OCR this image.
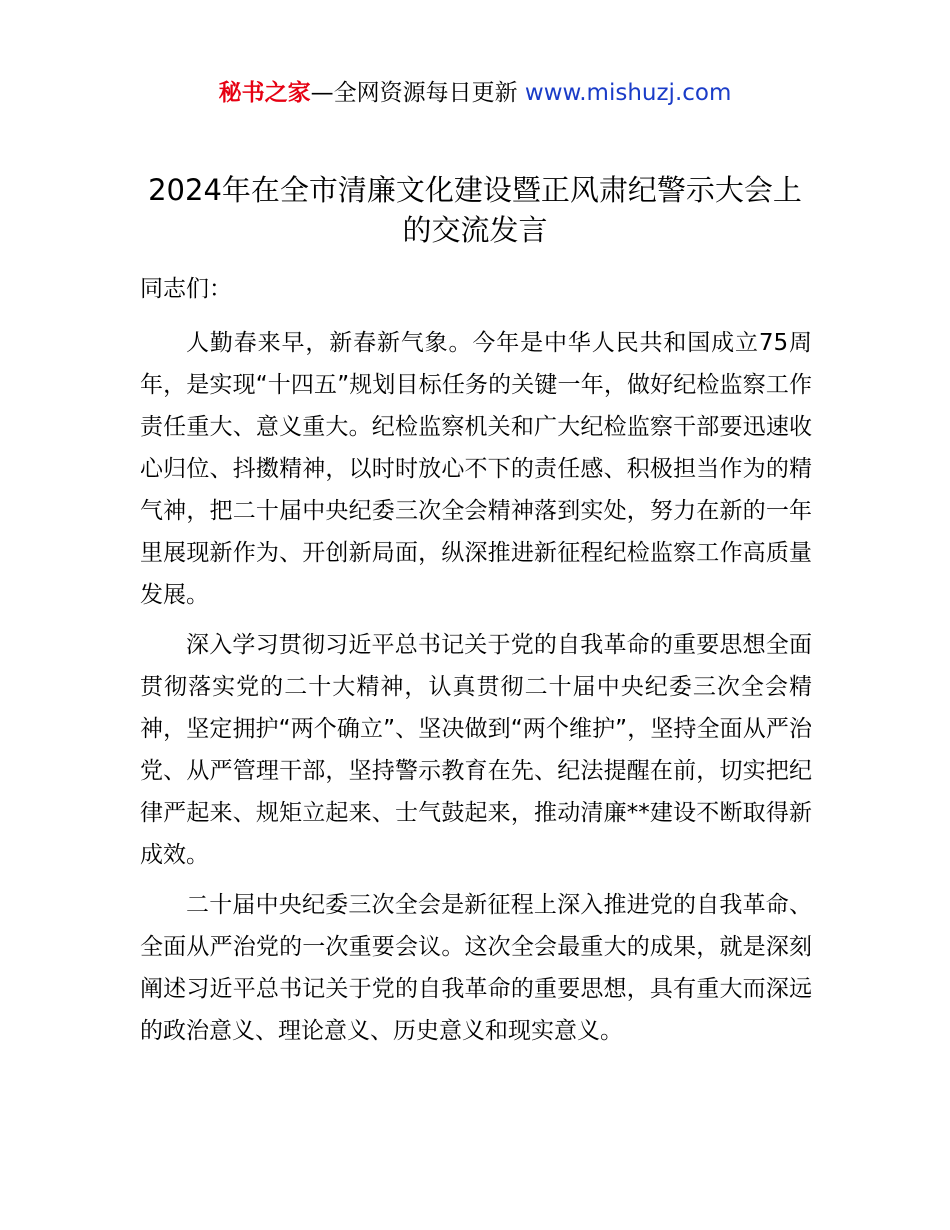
秘书之家—全网资源每日更新 www.mishuzj.com
2024年在全市清廉文化建设暨正风肃纪警示大会上的交流发言

同志们：

人勤春来早，新春新气象。今年是中华人民共和国成立75周年，是实现“十四五”规划目标任务的关键一年，做好纪检监察工作责任重大、意义重大。纪检监察机关和广大纪检监察干部要迅速收心归位、抖擞精神，以时时放心不下的责任感、积极担当作为的精气神，把二十届中央纪委三次全会精神落到实处，努力在新的一年里展现新作为、开创新局面，纵深推进新征程纪检监察工作高质量发展。

深入学习贯彻习近平总书记关于党的自我革命的重要思想全面贯彻落实党的二十大精神，认真贯彻二十届中央纪委三次全会精神，坚定拥护“两个确立”、坚决做到“两个维护”，坚持全面从严治党、从严管理干部，坚持警示教育在先、纪法提醒在前，切实把纪律严起来、规矩立起来、士气鼓起来，推动清廉**建设不断取得新成效。

二十届中央纪委三次全会是新征程上深入推进党的自我革命、全面从严治党的一次重要会议。这次全会最重大的成果，就是深刻阐述习近平总书记关于党的自我革命的重要思想，具有重大而深远的政治意义、理论意义、历史意义和现实意义。
